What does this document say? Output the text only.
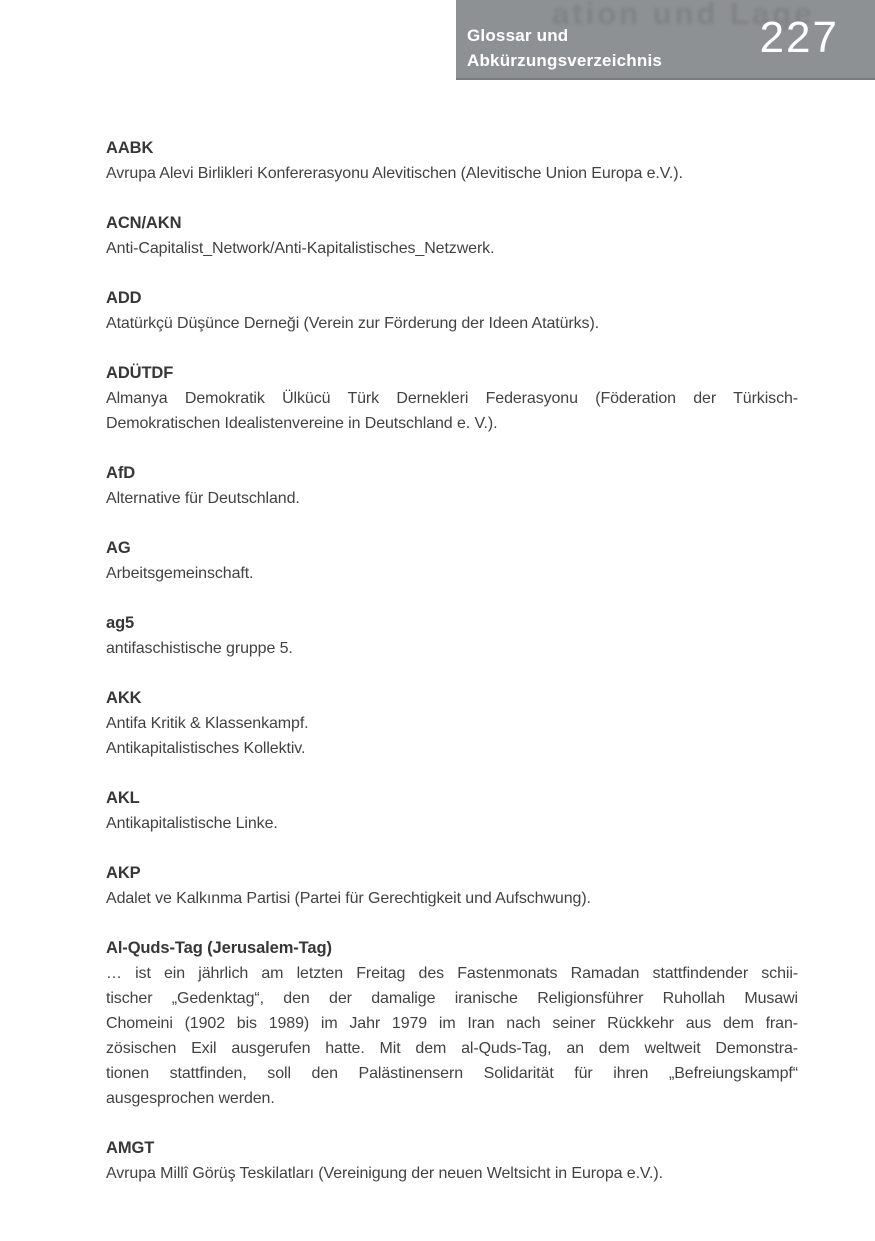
ation und Lage
Glossar und
Abkürzungsverzeichnis 227
AABK
Avrupa Alevi Birlikleri Konfererasyonu Alevitischen (Alevitische Union Europa e.V.).
ACN/AKN
Anti-Capitalist_Network/Anti-Kapitalistisches_Netzwerk.
ADD
Atatürkçü Düşünce Derneği (Verein zur Förderung der Ideen Atatürks).
ADÜTDF
Almanya Demokratik Ülkücü Türk Dernekleri Federasyonu (Föderation der Türkisch-
Demokratischen Idealistenvereine in Deutschland e. V.).
AfD
Alternative für Deutschland.
AG
Arbeitsgemeinschaft.
ag5
antifaschistische gruppe 5.
AKK
Antifa Kritik & Klassenkampf.
Antikapitalistisches Kollektiv.
AKL
Antikapitalistische Linke.
AKP
Adalet ve Kalkınma Partisi (Partei für Gerechtigkeit und Aufschwung).
Al-Quds-Tag (Jerusalem-Tag)
… ist ein jährlich am letzten Freitag des Fastenmonats Ramadan stattfindender schii-
tischer „Gedenktag“, den der damalige iranische Religionsführer Ruhollah Musawi
Chomeini (1902 bis 1989) im Jahr 1979 im Iran nach seiner Rückkehr aus dem fran-
zösischen Exil ausgerufen hatte. Mit dem al-Quds-Tag, an dem weltweit Demonstra-
tionen stattfinden, soll den Palästinensern Solidarität für ihren „Befreiungskampf“
ausgesprochen werden.
AMGT
Avrupa Millî Görüş Teskilatları (Vereinigung der neuen Weltsicht in Europa e.V.).
